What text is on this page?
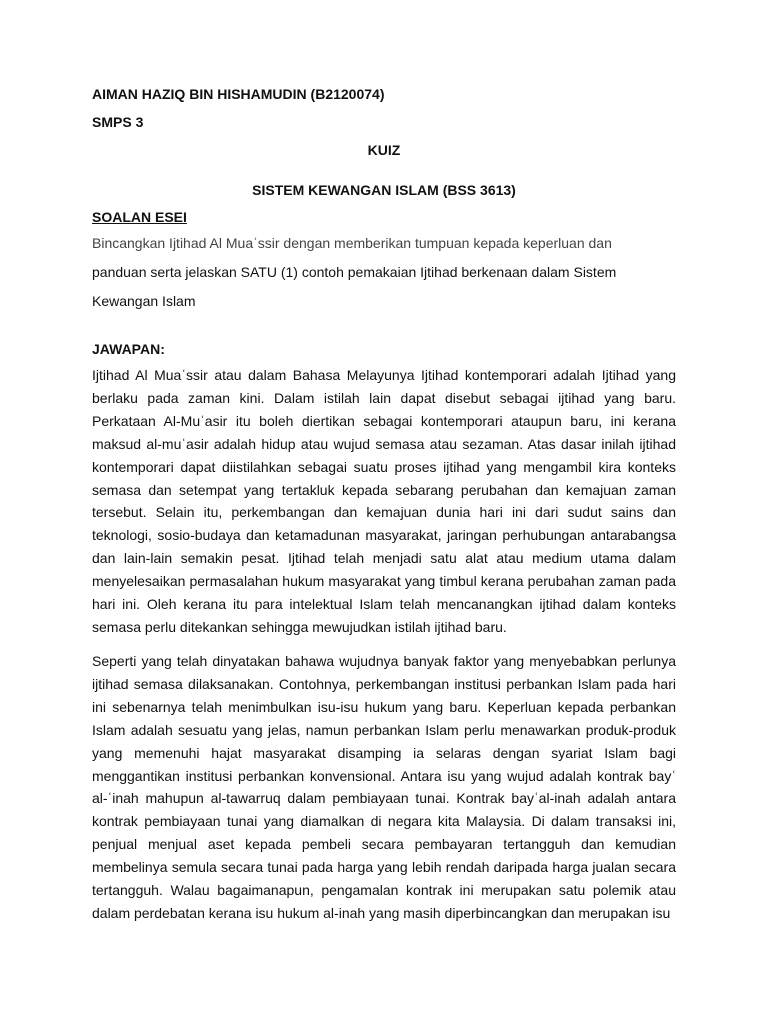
AIMAN HAZIQ BIN HISHAMUDIN (B2120074)
SMPS 3
KUIZ
SISTEM KEWANGAN ISLAM (BSS 3613)
SOALAN ESEI
Bincangkan Ijtihad Al Muaʿssir dengan memberikan tumpuan kepada keperluan dan
panduan serta jelaskan SATU (1) contoh pemakaian Ijtihad berkenaan dalam Sistem
Kewangan Islam
JAWAPAN:
Ijtihad Al Muaʿssir atau dalam Bahasa Melayunya Ijtihad kontemporari adalah Ijtihad yang berlaku pada zaman kini. Dalam istilah lain dapat disebut sebagai ijtihad yang baru. Perkataan Al-Muʿasir itu boleh diertikan sebagai kontemporari ataupun baru, ini kerana maksud al-muʿasir adalah hidup atau wujud semasa atau sezaman. Atas dasar inilah ijtihad kontemporari dapat diistilahkan sebagai suatu proses ijtihad yang mengambil kira konteks semasa dan setempat yang tertakluk kepada sebarang perubahan dan kemajuan zaman tersebut. Selain itu, perkembangan dan kemajuan dunia hari ini dari sudut sains dan teknologi, sosio-budaya dan ketamadunan masyarakat, jaringan perhubungan antarabangsa dan lain-lain semakin pesat. Ijtihad telah menjadi satu alat atau medium utama dalam menyelesaikan permasalahan hukum masyarakat yang timbul kerana perubahan zaman pada hari ini. Oleh kerana itu para intelektual Islam telah mencanangkan ijtihad dalam konteks semasa perlu ditekankan sehingga mewujudkan istilah ijtihad baru.
Seperti yang telah dinyatakan bahawa wujudnya banyak faktor yang menyebabkan perlunya ijtihad semasa dilaksanakan. Contohnya, perkembangan institusi perbankan Islam pada hari ini sebenarnya telah menimbulkan isu-isu hukum yang baru. Keperluan kepada perbankan Islam adalah sesuatu yang jelas, namun perbankan Islam perlu menawarkan produk-produk yang memenuhi hajat masyarakat disamping ia selaras dengan syariat Islam bagi menggantikan institusi perbankan konvensional. Antara isu yang wujud adalah kontrak bayʿ al-ʿinah mahupun al-tawarruq dalam pembiayaan tunai. Kontrak bayʿal-inah adalah antara kontrak pembiayaan tunai yang diamalkan di negara kita Malaysia. Di dalam transaksi ini, penjual menjual aset kepada pembeli secara pembayaran tertangguh dan kemudian membelinya semula secara tunai pada harga yang lebih rendah daripada harga jualan secara tertangguh. Walau bagaimanapun, pengamalan kontrak ini merupakan satu polemik atau dalam perdebatan kerana isu hukum al-inah yang masih diperbincangkan dan merupakan isu
